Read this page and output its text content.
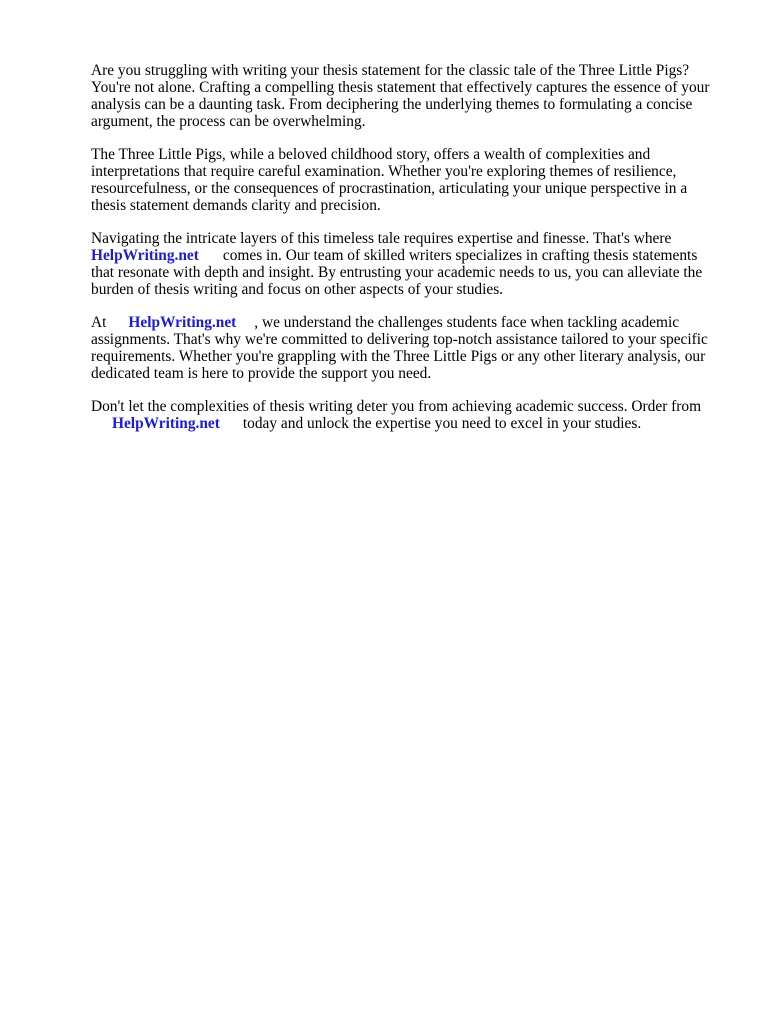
Are you struggling with writing your thesis statement for the classic tale of the Three Little Pigs?
You're not alone. Crafting a compelling thesis statement that effectively captures the essence of your
analysis can be a daunting task. From deciphering the underlying themes to formulating a concise
argument, the process can be overwhelming.

The Three Little Pigs, while a beloved childhood story, offers a wealth of complexities and
interpretations that require careful examination. Whether you're exploring themes of resilience,
resourcefulness, or the consequences of procrastination, articulating your unique perspective in a
thesis statement demands clarity and precision.

Navigating the intricate layers of this timeless tale requires expertise and finesse. That's where
HelpWriting.net comes in. Our team of skilled writers specializes in crafting thesis statements
that resonate with depth and insight. By entrusting your academic needs to us, you can alleviate the
burden of thesis writing and focus on other aspects of your studies.

At HelpWriting.net , we understand the challenges students face when tackling academic
assignments. That's why we're committed to delivering top-notch assistance tailored to your specific
requirements. Whether you're grappling with the Three Little Pigs or any other literary analysis, our
dedicated team is here to provide the support you need.

Don't let the complexities of thesis writing deter you from achieving academic success. Order from
HelpWriting.net today and unlock the expertise you need to excel in your studies.
